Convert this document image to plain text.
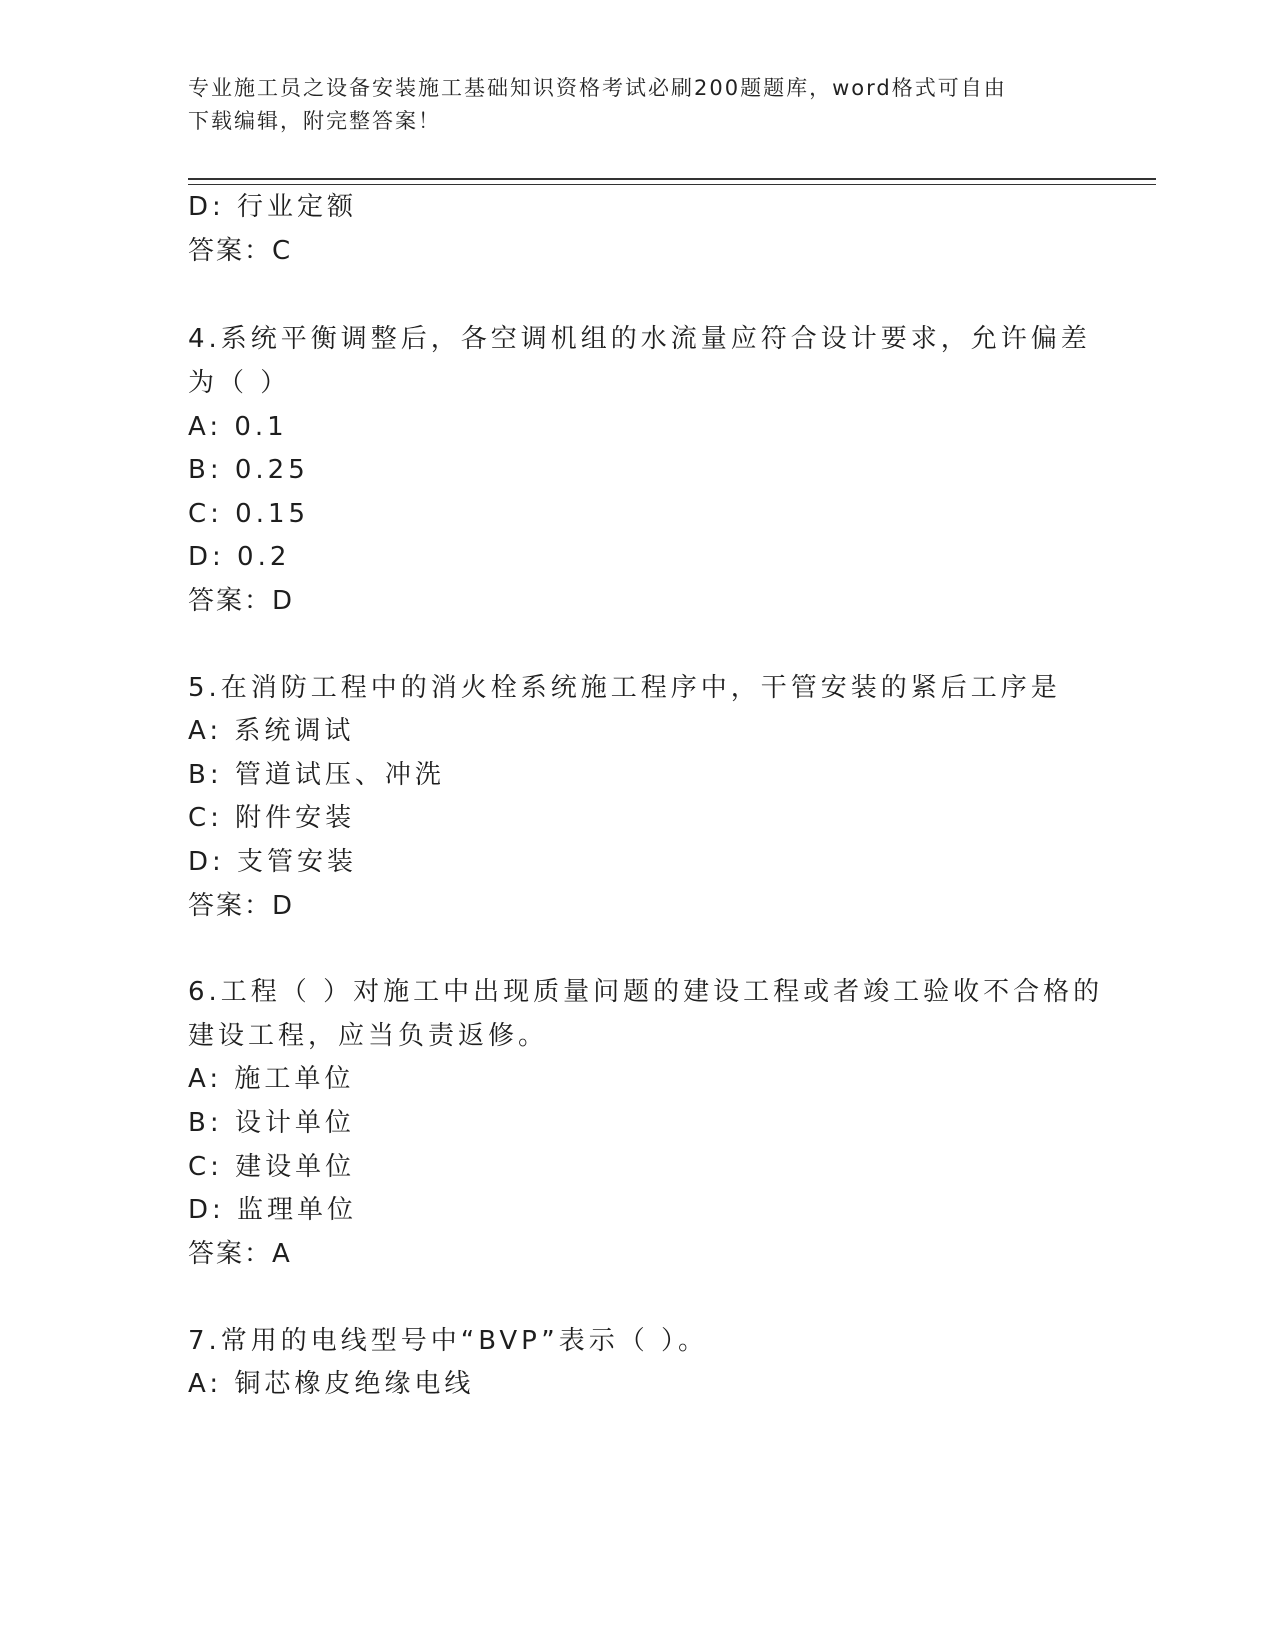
专业施工员之设备安装施工基础知识资格考试必刷200题题库，word格式可自由
下载编辑，附完整答案！
D: 行业定额
答案：C
4.系统平衡调整后，各空调机组的水流量应符合设计要求，允许偏差
为（ ）
A: 0.1
B: 0.25
C: 0.15
D: 0.2
答案：D
5.在消防工程中的消火栓系统施工程序中，干管安装的紧后工序是
A: 系统调试
B: 管道试压、冲洗
C: 附件安装
D: 支管安装
答案：D
6.工程（ ）对施工中出现质量问题的建设工程或者竣工验收不合格的
建设工程，应当负责返修。
A: 施工单位
B: 设计单位
C: 建设单位
D: 监理单位
答案：A
7.常用的电线型号中“BVP”表示（ ）。
A: 铜芯橡皮绝缘电线
